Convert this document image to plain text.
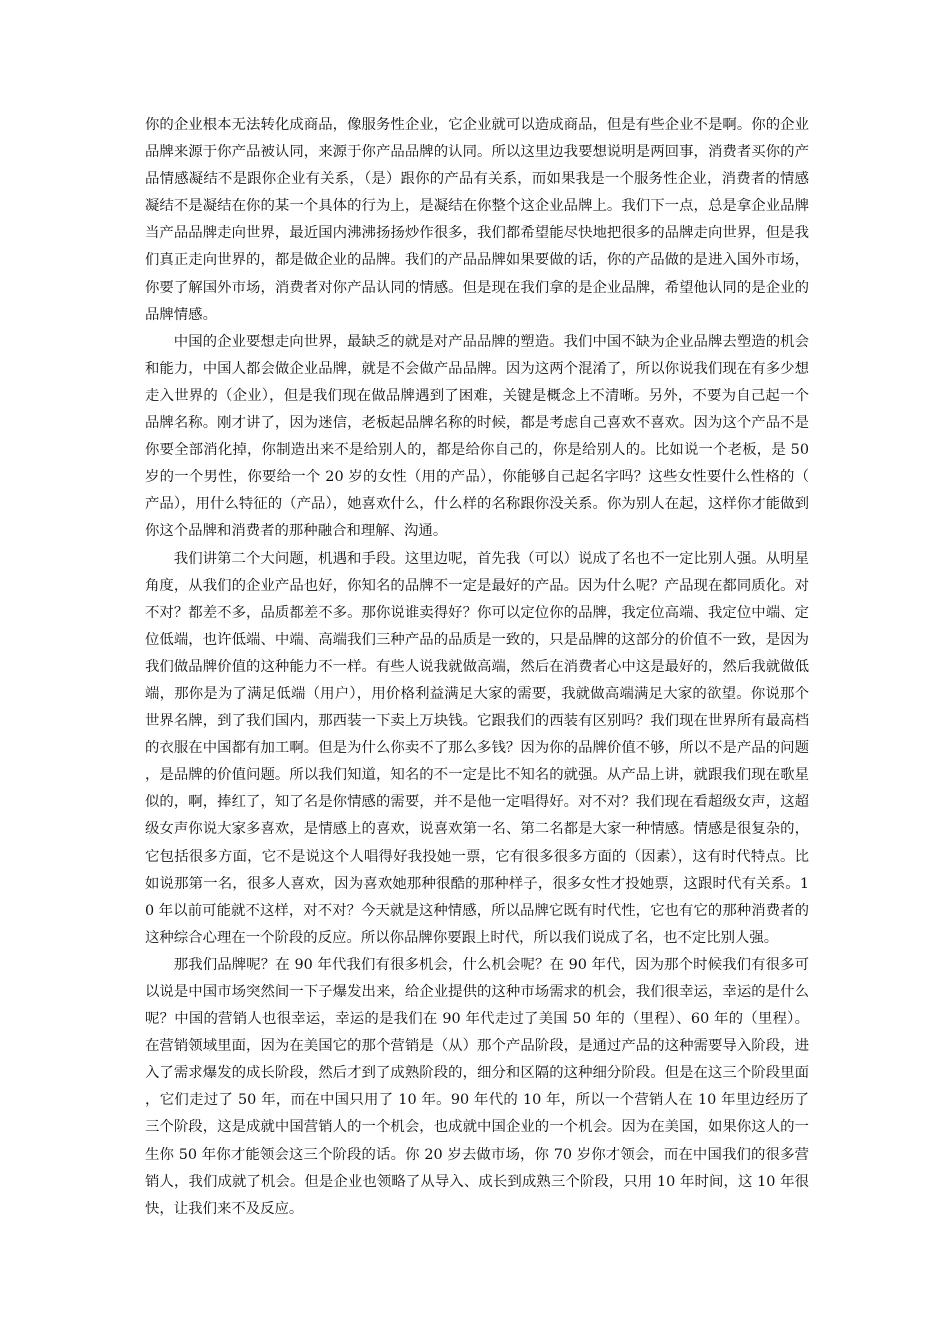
你的企业根本无法转化成商品，像服务性企业，它企业就可以造成商品，但是有些企业不是啊。你的企业品牌来源于你产品被认同，来源于你产品品牌的认同。所以这里边我要想说明是两回事，消费者买你的产品情感凝结不是跟你企业有关系，（是）跟你的产品有关系，而如果我是一个服务性企业，消费者的情感凝结不是凝结在你的某一个具体的行为上，是凝结在你整个这企业品牌上。我们下一点，总是拿企业品牌当产品品牌走向世界，最近国内沸沸扬扬炒作很多，我们都希望能尽快地把很多的品牌走向世界，但是我们真正走向世界的，都是做企业的品牌。我们的产品品牌如果要做的话，你的产品做的是进入国外市场，你要了解国外市场，消费者对你产品认同的情感。但是现在我们拿的是企业品牌，希望他认同的是企业的品牌情感。

中国的企业要想走向世界，最缺乏的就是对产品品牌的塑造。我们中国不缺为企业品牌去塑造的机会和能力，中国人都会做企业品牌，就是不会做产品品牌。因为这两个混淆了，所以你说我们现在有多少想走入世界的（企业），但是我们现在做品牌遇到了困难，关键是概念上不清晰。另外，不要为自己起一个品牌名称。刚才讲了，因为迷信，老板起品牌名称的时候，都是考虑自己喜欢不喜欢。因为这个产品不是你要全部消化掉，你制造出来不是给别人的，都是给你自己的，你是给别人的。比如说一个老板，是 50 岁的一个男性，你要给一个 20 岁的女性（用的产品），你能够自己起名字吗？这些女性要什么性格的（产品），用什么特征的（产品），她喜欢什么，什么样的名称跟你没关系。你为别人在起，这样你才能做到你这个品牌和消费者的那种融合和理解、沟通。

我们讲第二个大问题，机遇和手段。这里边呢，首先我（可以）说成了名也不一定比别人强。从明星角度，从我们的企业产品也好，你知名的品牌不一定是最好的产品。因为什么呢？产品现在都同质化。对不对？都差不多，品质都差不多。那你说谁卖得好？你可以定位你的品牌，我定位高端、我定位中端、定位低端，也许低端、中端、高端我们三种产品的品质是一致的，只是品牌的这部分的价值不一致，是因为我们做品牌价值的这种能力不一样。有些人说我就做高端，然后在消费者心中这是最好的，然后我就做低端，那你是为了满足低端（用户），用价格利益满足大家的需要，我就做高端满足大家的欲望。你说那个世界名牌，到了我们国内，那西装一下卖上万块钱。它跟我们的西装有区别吗？我们现在世界所有最高档的衣服在中国都有加工啊。但是为什么你卖不了那么多钱？因为你的品牌价值不够，所以不是产品的问题，是品牌的价值问题。所以我们知道，知名的不一定是比不知名的就强。从产品上讲，就跟我们现在歌星似的，啊，捧红了，知了名是你情感的需要，并不是他一定唱得好。对不对？我们现在看超级女声，这超级女声你说大家多喜欢，是情感上的喜欢，说喜欢第一名、第二名都是大家一种情感。情感是很复杂的，它包括很多方面，它不是说这个人唱得好我投她一票，它有很多很多方面的（因素），这有时代特点。比如说那第一名，很多人喜欢，因为喜欢她那种很酷的那种样子，很多女性才投她票，这跟时代有关系。10 年以前可能就不这样，对不对？今天就是这种情感，所以品牌它既有时代性，它也有它的那种消费者的这种综合心理在一个阶段的反应。所以你品牌你要跟上时代，所以我们说成了名，也不定比别人强。

那我们品牌呢？在 90 年代我们有很多机会，什么机会呢？在 90 年代，因为那个时候我们有很多可以说是中国市场突然间一下子爆发出来，给企业提供的这种市场需求的机会，我们很幸运，幸运的是什么呢？中国的营销人也很幸运，幸运的是我们在 90 年代走过了美国 50 年的（里程）、60 年的（里程）。在营销领域里面，因为在美国它的那个营销是（从）那个产品阶段，是通过产品的这种需要导入阶段，进入了需求爆发的成长阶段，然后才到了成熟阶段的，细分和区隔的这种细分阶段。但是在这三个阶段里面，它们走过了 50 年，而在中国只用了 10 年。90 年代的 10 年，所以一个营销人在 10 年里边经历了三个阶段，这是成就中国营销人的一个机会，也成就中国企业的一个机会。因为在美国，如果你这人的一生你 50 年你才能领会这三个阶段的话。你 20 岁去做市场，你 70 岁你才领会，而在中国我们的很多营销人，我们成就了机会。但是企业也领略了从导入、成长到成熟三个阶段，只用 10 年时间，这 10 年很快，让我们来不及反应。
